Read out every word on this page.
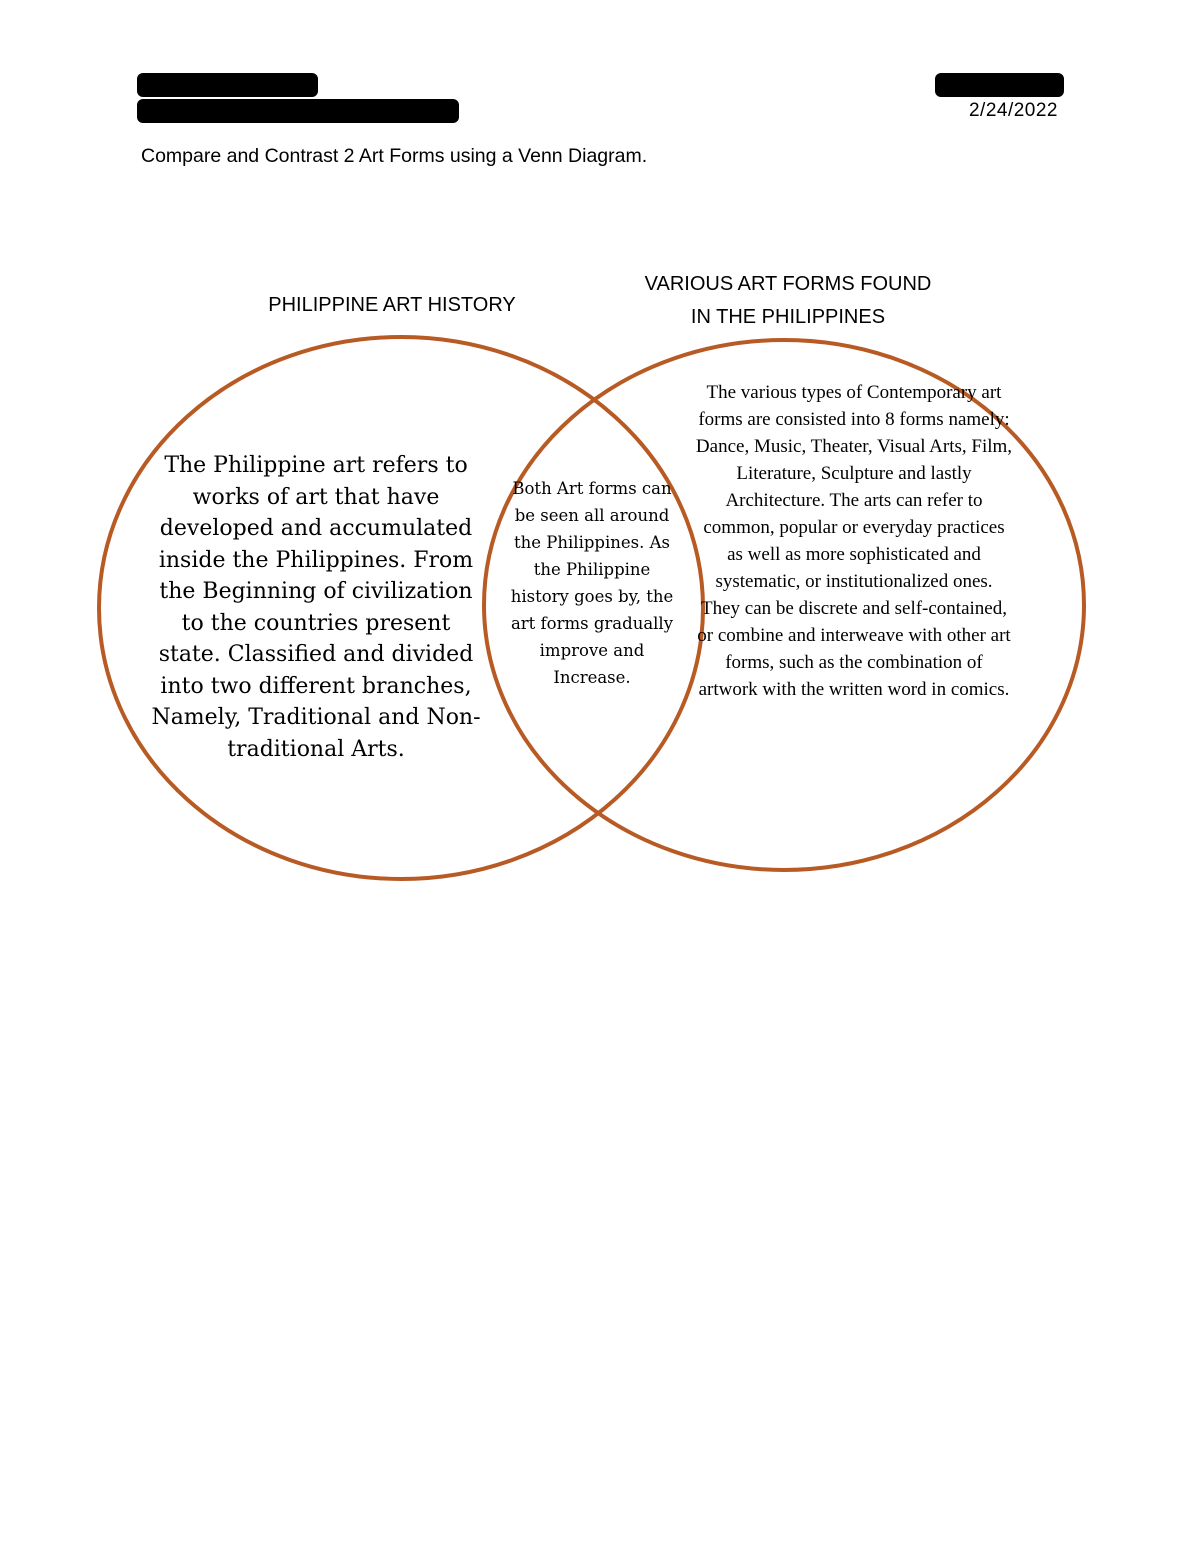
2/24/2022
Compare and Contrast 2 Art Forms using a Venn Diagram.
PHILIPPINE ART HISTORY
VARIOUS ART FORMS FOUND
IN THE PHILIPPINES
The Philippine art refers to works of art that have developed and accumulated inside the Philippines. From the Beginning of civilization to the countries present state. Classified and divided into two different branches, Namely, Traditional and Non-traditional Arts.
Both Art forms can be seen all around the Philippines. As the Philippine history goes by, the art forms gradually improve and Increase.
The various types of Contemporary art forms are consisted into 8 forms namely: Dance, Music, Theater, Visual Arts, Film, Literature, Sculpture and lastly Architecture. The arts can refer to common, popular or everyday practices as well as more sophisticated and systematic, or institutionalized ones. They can be discrete and self-contained, or combine and interweave with other art forms, such as the combination of artwork with the written word in comics.
